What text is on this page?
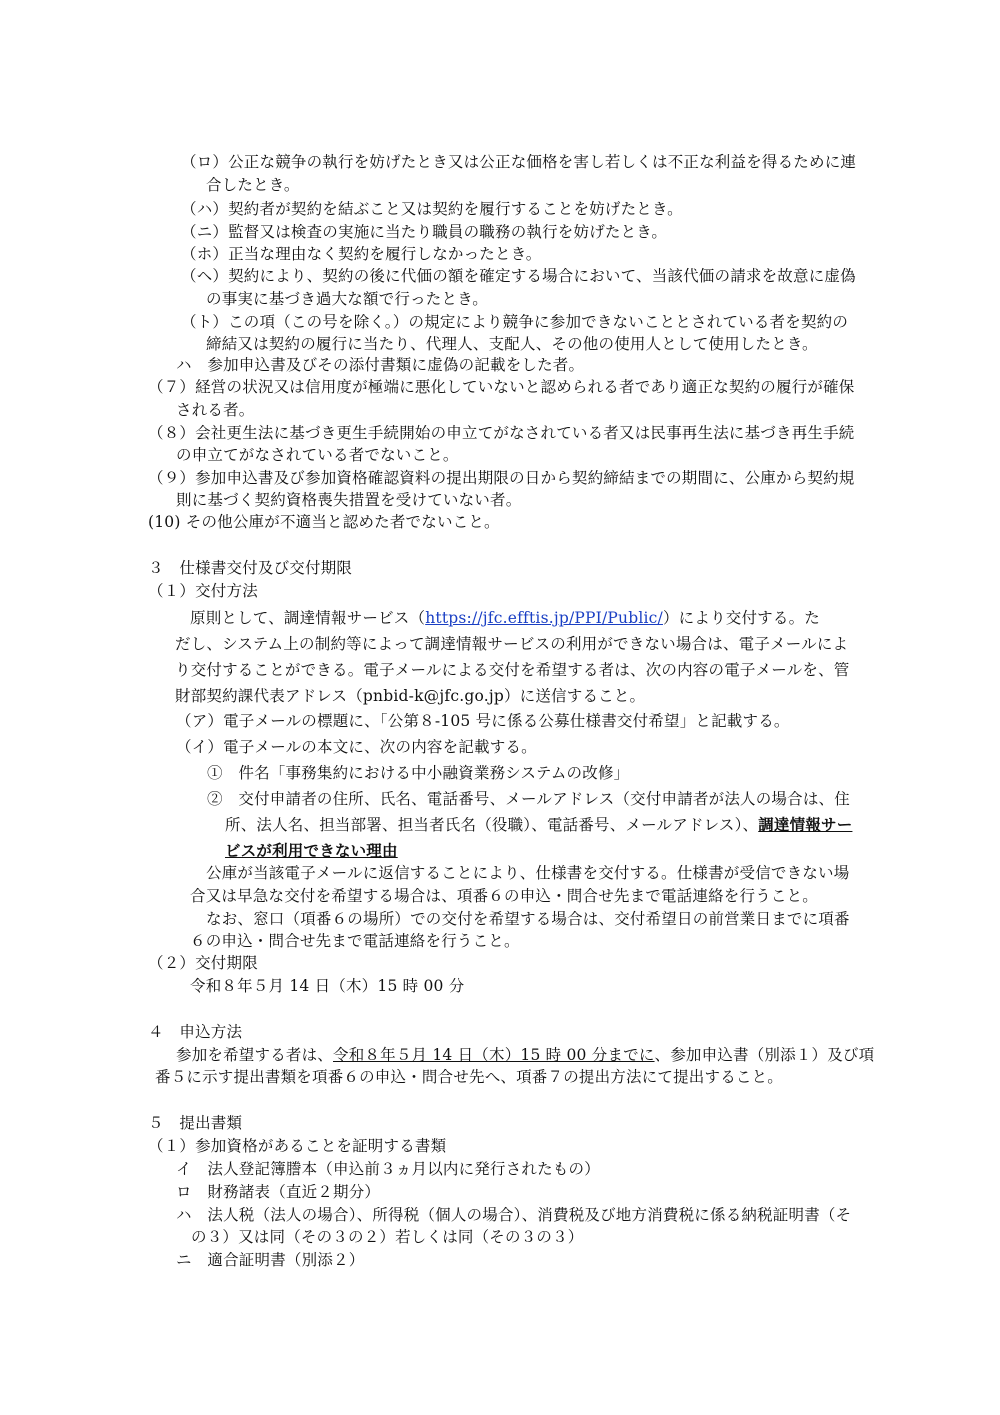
（ロ）公正な競争の執行を妨げたとき又は公正な価格を害し若しくは不正な利益を得るために連
合したとき。
（ハ）契約者が契約を結ぶこと又は契約を履行することを妨げたとき。
（ニ）監督又は検査の実施に当たり職員の職務の執行を妨げたとき。
（ホ）正当な理由なく契約を履行しなかったとき。
（ヘ）契約により、契約の後に代価の額を確定する場合において、当該代価の請求を故意に虚偽
の事実に基づき過大な額で行ったとき。
（ト）この項（この号を除く。）の規定により競争に参加できないこととされている者を契約の
締結又は契約の履行に当たり、代理人、支配人、その他の使用人として使用したとき。
ハ　参加申込書及びその添付書類に虚偽の記載をした者。
（７）経営の状況又は信用度が極端に悪化していないと認められる者であり適正な契約の履行が確保
される者。
（８）会社更生法に基づき更生手続開始の申立てがなされている者又は民事再生法に基づき再生手続
の申立てがなされている者でないこと。
（９）参加申込書及び参加資格確認資料の提出期限の日から契約締結までの期間に、公庫から契約規
則に基づく契約資格喪失措置を受けていない者。
(10) その他公庫が不適当と認めた者でないこと。
３　仕様書交付及び交付期限
（１）交付方法
原則として、調達情報サービス（https://jfc.efftis.jp/PPI/Public/）により交付する。た
だし、システム上の制約等によって調達情報サービスの利用ができない場合は、電子メールによ
り交付することができる。電子メールによる交付を希望する者は、次の内容の電子メールを、管
財部契約課代表アドレス（pnbid-k@jfc.go.jp）に送信すること。
（ア）電子メールの標題に、「公第８-105 号に係る公募仕様書交付希望」と記載する。
（イ）電子メールの本文に、次の内容を記載する。
①　件名「事務集約における中小融資業務システムの改修」
②　交付申請者の住所、氏名、電話番号、メールアドレス（交付申請者が法人の場合は、住
所、法人名、担当部署、担当者氏名（役職）、電話番号、メールアドレス）、調達情報サー
ビスが利用できない理由
公庫が当該電子メールに返信することにより、仕様書を交付する。仕様書が受信できない場
合又は早急な交付を希望する場合は、項番６の申込・問合せ先まで電話連絡を行うこと。
なお、窓口（項番６の場所）での交付を希望する場合は、交付希望日の前営業日までに項番
６の申込・問合せ先まで電話連絡を行うこと。
（２）交付期限
令和８年５月 14 日（木）15 時 00 分
４　申込方法
参加を希望する者は、令和８年５月 14 日（木）15 時 00 分までに、参加申込書（別添１）及び項
番５に示す提出書類を項番６の申込・問合せ先へ、項番７の提出方法にて提出すること。
５　提出書類
（１）参加資格があることを証明する書類
イ　法人登記簿謄本（申込前３ヵ月以内に発行されたもの）
ロ　財務諸表（直近２期分）
ハ　法人税（法人の場合）、所得税（個人の場合）、消費税及び地方消費税に係る納税証明書（そ
の３）又は同（その３の２）若しくは同（その３の３）
ニ　適合証明書（別添２）
